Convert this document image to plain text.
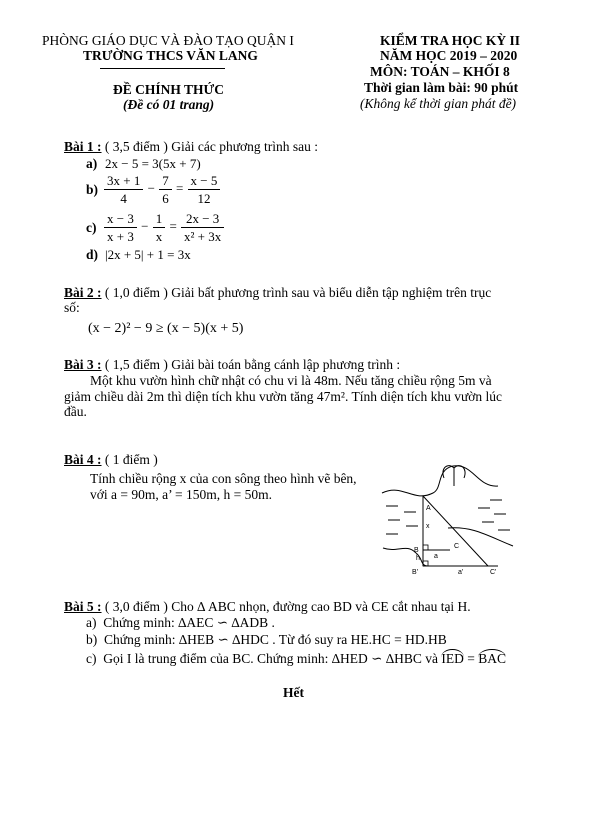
PHÒNG GIÁO DỤC VÀ ĐÀO TẠO QUẬN I
TRƯỜNG THCS VĂN LANG
ĐỀ CHÍNH THỨC
(Đề có 01 trang)
KIỂM TRA HỌC KỲ II
NĂM HỌC 2019 – 2020
MÔN: TOÁN – KHỐI 8
Thời gian làm bài: 90 phút
(Không kể thời gian phát đề)
Bài 1 : ( 3,5 điểm ) Giải các phương trình sau :
a) 2x − 5 = 3(5x + 7)
$b) \frac{3x + 1}{4} - \frac{7}{6} = \frac{x - 5}{12}$
$c) \frac{x - 3}{x + 3} - \frac{1}{x} = \frac{2x - 3}{\text{x² + 3x}}$
d) |2x + 5| + 1 = 3x
Bài 2 : ( 1,0 điểm ) Giải bất phương trình sau và biểu diễn tập nghiệm trên trục
số:
(x − 2)² − 9 ≥ (x − 5)(x + 5)
Bài 3 : ( 1,5 điểm ) Giải bài toán bằng cánh lập phương trình :
Một khu vườn hình chữ nhật có chu vi là 48m. Nếu tăng chiều rộng 5m và
giảm chiều dài 2m thì diện tích khu vườn tăng 47m². Tính diện tích khu vườn lúc
đầu.
Bài 4 : ( 1 điểm )
Tính chiều rộng x của con sông theo hình vẽ bên,
với a = 90m, a’ = 150m, h = 50m.
A
B
C
B'	C'
h
x
a
a'
Bài 5 : ( 3,0 điểm ) Cho ∆ ABC nhọn, đường cao BD và CE cắt nhau tại H.
a) Chứng minh: ∆AEC ∽ ∆ADB .
b) Chứng minh: ∆HEB ∽ ∆HDC . Từ đó suy ra HE.HC = HD.HB
c) Gọi I là trung điểm của BC. Chứng minh: ∆HED ∽ ∆HBC và IED = BAC
Hết
